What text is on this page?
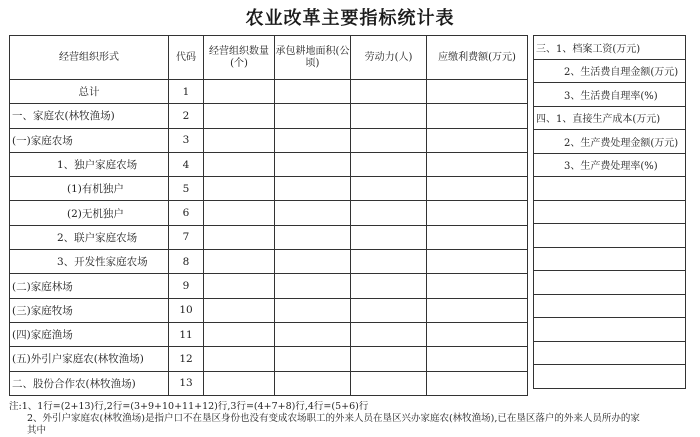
农业改革主要指标统计表
经营组织形式	代码	经营组织数量(个)	承包耕地面积(公顷)	劳动力(人)	应缴利费额(万元)
总计	1				
一、家庭农(林牧渔场)	2				
(一)家庭农场	3				
1、独户家庭农场	4				
(1)有机独户	5				
(2)无机独户	6				
2、联户家庭农场	7				
3、开发性家庭农场	8				
(二)家庭林场	9				
(三)家庭牧场	10				
(四)家庭渔场	11				
(五)外引户家庭农(林牧渔场)	12				
二、股份合作农(林牧渔场)	13				
三、1、档案工资(万元)
2、生活费自理金额(万元)
3、生活费自理率(%)
四、1、直接生产成本(万元)
2、生产费处理金额(万元)
3、生产费处理率(%)

注:1、1行=(2+13)行,2行=(3+9+10+11+12)行,3行=(4+7+8)行,4行=(5+6)行
2、外引户家庭农(林牧渔场)是指户口不在垦区身份也没有变成农场职工的外来人员在垦区兴办家庭农(林牧渔场),已在垦区落户的外来人员所办的家
其中
